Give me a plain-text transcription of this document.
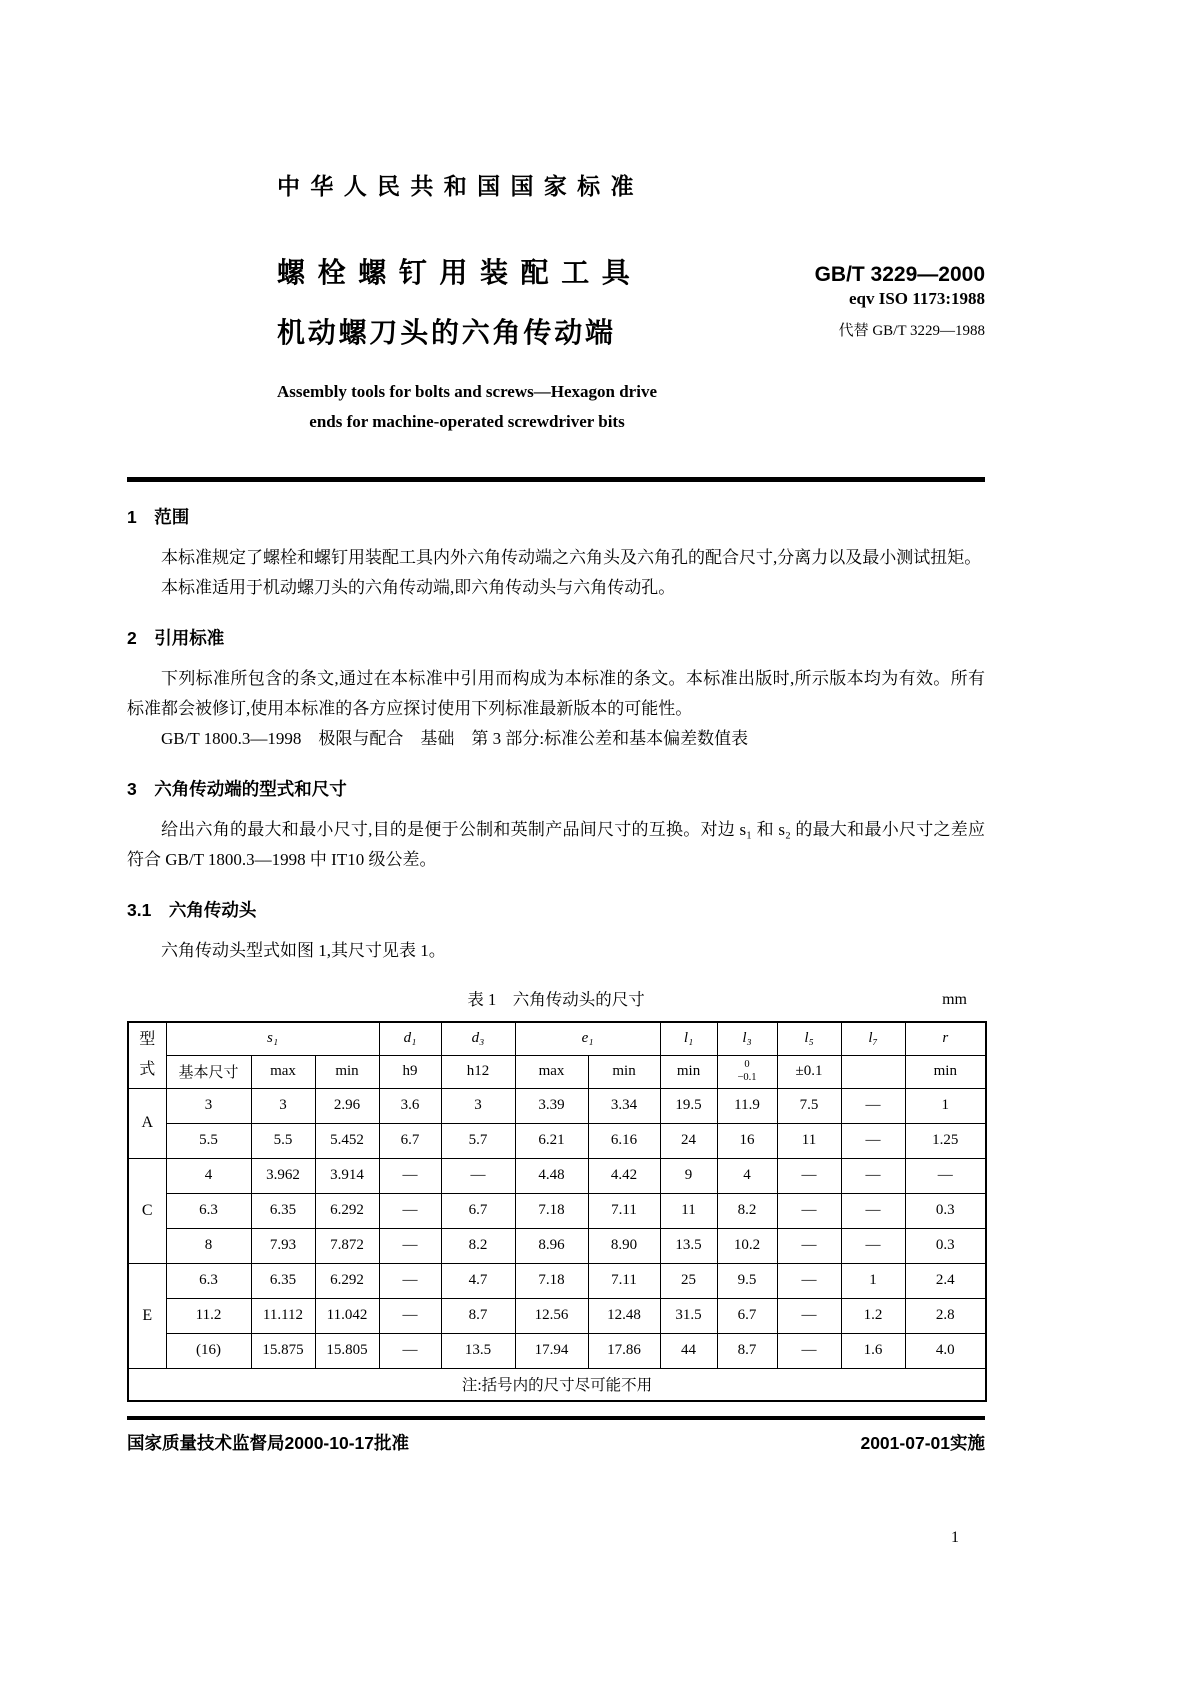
中华人民共和国国家标准
螺栓螺钉用装配工具
机动螺刀头的六角传动端
GB/T 3229—2000
eqv ISO 1173:1988
代替 GB/T 3229—1988
Assembly tools for bolts and screws—Hexagon drive
ends for machine-operated screwdriver bits
1　范围

本标准规定了螺栓和螺钉用装配工具内外六角传动端之六角头及六角孔的配合尺寸,分离力以及最小测试扭矩。

本标准适用于机动螺刀头的六角传动端,即六角传动头与六角传动孔。

2　引用标准

下列标准所包含的条文,通过在本标准中引用而构成为本标准的条文。本标准出版时,所示版本均为有效。所有标准都会被修订,使用本标准的各方应探讨使用下列标准最新版本的可能性。

GB/T 1800.3—1998　极限与配合　基础　第 3 部分:标准公差和基本偏差数值表

3　六角传动端的型式和尺寸

给出六角的最大和最小尺寸,目的是便于公制和英制产品间尺寸的互换。对边 s₁ 和 s₂ 的最大和最小尺寸之差应符合 GB/T 1800.3—1998 中 IT10 级公差。

3.1　六角传动头

六角传动头型式如图 1,其尺寸见表 1。

表 1　六角传动头的尺寸	mm
型式	s₁			d₁	d₃	e₁		l₁	l₃	l₅	l₇	r
	基本尺寸	max	min	h9	h12	max	min	min	0
−0.1	±0.1		min
A	3	3	2.96	3.6	3	3.39	3.34	19.5	11.9	7.5	—	1
	5.5	5.5	5.452	6.7	5.7	6.21	6.16	24	16	11	—	1.25
C	4	3.962	3.914	—	—	4.48	4.42	9	4	—	—	—
	6.3	6.35	6.292	—	6.7	7.18	7.11	11	8.2	—	—	0.3
	8	7.93	7.872	—	8.2	8.96	8.90	13.5	10.2	—	—	0.3
E	6.3	6.35	6.292	—	4.7	7.18	7.11	25	9.5	—	1	2.4
	11.2	11.112	11.042	—	8.7	12.56	12.48	31.5	6.7	—	1.2	2.8
	(16)	15.875	15.805	—	13.5	17.94	17.86	44	8.7	—	1.6	4.0
注:括号内的尺寸尽可能不用												
国家质量技术监督局2000-10-17批准	2001-07-01实施
1
